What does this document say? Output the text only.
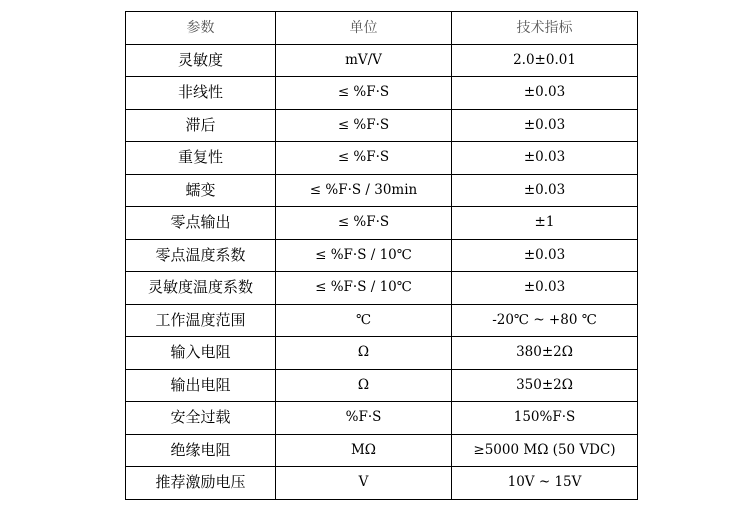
参数	单位	技术指标
灵敏度	mV/V	2.0±0.01
非线性	≤ %F·S	±0.03
滞后	≤ %F·S	±0.03
重复性	≤ %F·S	±0.03
蠕变	≤ %F·S / 30min	±0.03
零点输出	≤ %F·S	±1
零点温度系数	≤ %F·S / 10℃	±0.03
灵敏度温度系数	≤ %F·S / 10℃	±0.03
工作温度范围	℃	-20℃ ~ +80 ℃
输入电阻	Ω	380±2Ω
输出电阻	Ω	350±2Ω
安全过载	%F·S	150%F·S
绝缘电阻	MΩ	≥5000 MΩ (50 VDC)
推荐激励电压	V	10V ~ 15V
